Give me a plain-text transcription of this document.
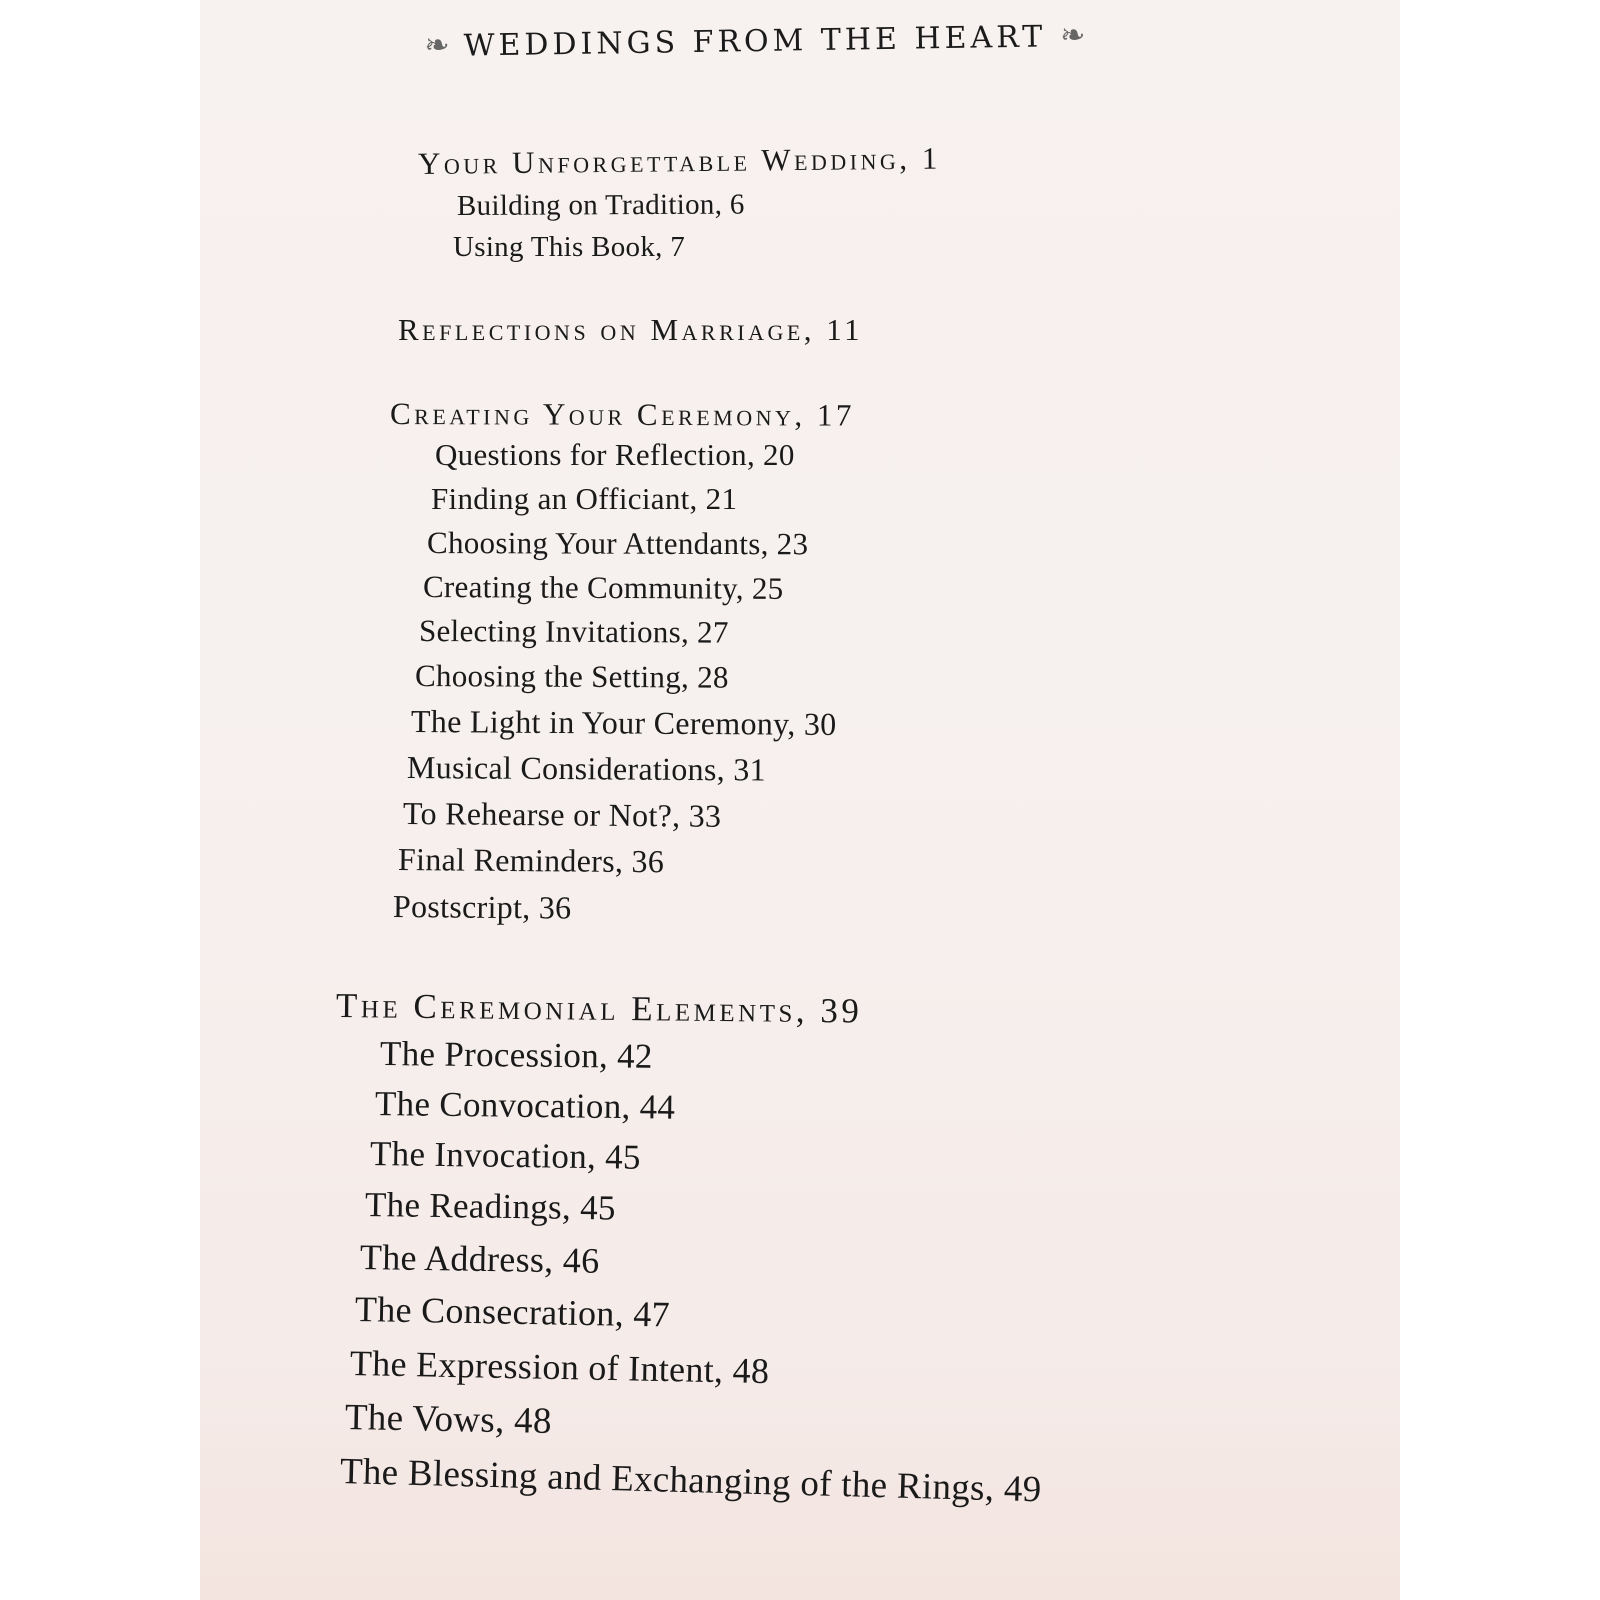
❧ WEDDINGS FROM THE HEART ❧
Your Unforgettable Wedding, 1
Building on Tradition, 6
Using This Book, 7
Reflections on Marriage, 11
Creating Your Ceremony, 17
Questions for Reflection, 20
Finding an Officiant, 21
Choosing Your Attendants, 23
Creating the Community, 25
Selecting Invitations, 27
Choosing the Setting, 28
The Light in Your Ceremony, 30
Musical Considerations, 31
To Rehearse or Not?, 33
Final Reminders, 36
Postscript, 36
The Ceremonial Elements, 39
The Procession, 42
The Convocation, 44
The Invocation, 45
The Readings, 45
The Address, 46
The Consecration, 47
The Expression of Intent, 48
The Vows, 48
The Blessing and Exchanging of the Rings, 49
